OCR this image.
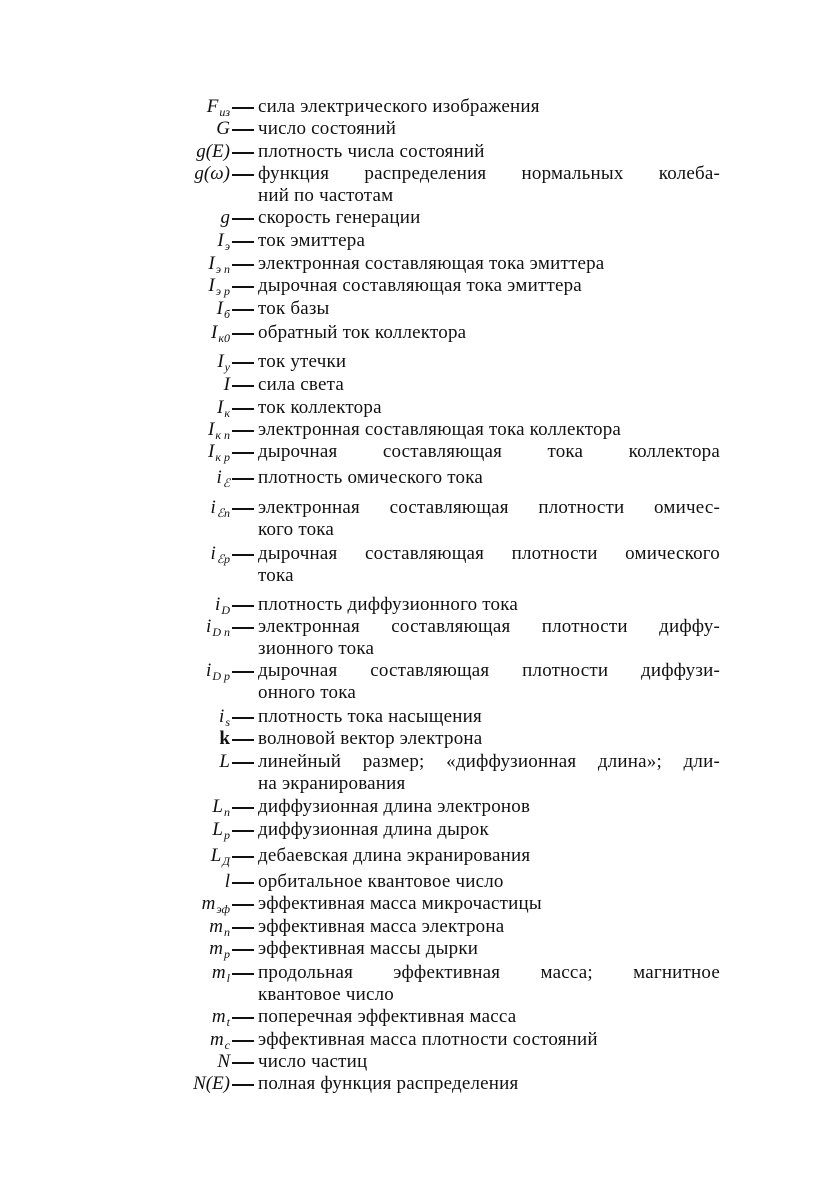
$F_{из}$ сила электрического изображения
G число состояний
g(E) плотность числа состояний
g(ω) функция распределения нормальных колеба-
ний по частотам
g скорость генерации
$I_э$ ток эмиттера
$I_{э n}$ электронная составляющая тока эмиттера
$I_{э p}$ дырочная составляющая тока эмиттера
$I_б$ ток базы
$I_{к0}$ обратный ток коллектора
$I_у$ ток утечки
I сила света
$I_к$ ток коллектора
$I_{к n}$ электронная составляющая тока коллектора
$I_{к p}$ дырочная составляющая тока коллектора
$i_ℰ$ плотность омического тока
$i_{ℰn}$ электронная составляющая плотности омичес-
кого тока
$i_{ℰp}$ дырочная составляющая плотности омического
тока
$i_D$ плотность диффузионного тока
$i_{D n}$ электронная составляющая плотности диффу-
зионного тока
$i_{D p}$ дырочная составляющая плотности диффузи-
онного тока
$i_s$ плотность тока насыщения
k волновой вектор электрона
L линейный размер; «диффузионная длина»; дли-
на экранирования
$L_n$ диффузионная длина электронов
$L_p$ диффузионная длина дырок
$L_Д$ дебаевская длина экранирования
l орбитальное квантовое число
$m_{эф}$ эффективная масса микрочастицы
$m_n$ эффективная масса электрона
$m_p$ эффективная массы дырки
$m_l$ продольная эффективная масса; магнитное
квантовое число
$m_t$ поперечная эффективная масса
$m_c$ эффективная масса плотности состояний
N число частиц
N(E) полная функция распределения
